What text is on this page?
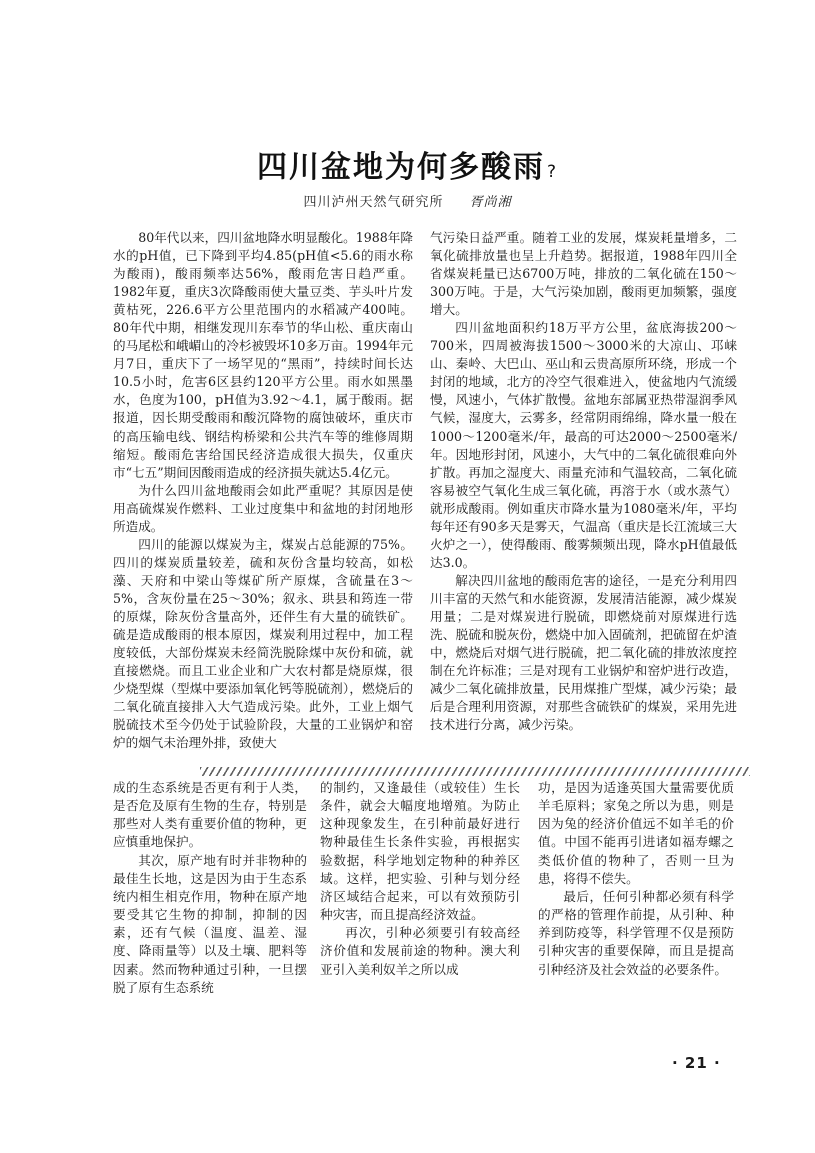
四川盆地为何多酸雨 ?
四川泸州天然气研究所 胥尚湘

80年代以来，四川盆地降水明显酸化。1988年降水的pH值，已下降到平均4.85(pH值<5.6的雨水称为酸雨)，酸雨频率达56%，酸雨危害日趋严重。1982年夏，重庆3次降酸雨使大量豆类、芋头叶片发黄枯死，226.6平方公里范围内的水稻减产400吨。80年代中期，相继发现川东奉节的华山松、重庆南山的马尾松和峨嵋山的冷杉被毁坏10多万亩。1994年元月7日，重庆下了一场罕见的“黑雨”，持续时间长达10.5小时，危害6区县约120平方公里。雨水如黑墨水，色度为100，pH值为3.92～4.1，属于酸雨。据报道，因长期受酸雨和酸沉降物的腐蚀破坏，重庆市的高压输电线、钢结构桥梁和公共汽车等的维修周期缩短。酸雨危害给国民经济造成很大损失，仅重庆市“七五”期间因酸雨造成的经济损失就达5.4亿元。

为什么四川盆地酸雨会如此严重呢？其原因是使用高硫煤炭作燃料、工业过度集中和盆地的封闭地形所造成。

四川的能源以煤炭为主，煤炭占总能源的75%。四川的煤炭质量较差，硫和灰份含量均较高，如松藻、天府和中梁山等煤矿所产原煤，含硫量在3～5%，含灰份量在25～30%；叙永、珙县和筠连一带的原煤，除灰份含量高外，还伴生有大量的硫铁矿。硫是造成酸雨的根本原因，煤炭利用过程中，加工程度较低，大部份煤炭未经简洗脱除煤中灰份和硫，就直接燃烧。而且工业企业和广大农村都是烧原煤，很少烧型煤（型煤中要添加氧化钙等脱硫剂），燃烧后的二氧化硫直接排入大气造成污染。此外，工业上烟气脱硫技术至今仍处于试验阶段，大量的工业锅炉和窑炉的烟气未治理外排，致使大

气污染日益严重。随着工业的发展，煤炭耗量增多，二氧化硫排放量也呈上升趋势。据报道，1988年四川全省煤炭耗量已达6700万吨，排放的二氧化硫在150～300万吨。于是，大气污染加剧，酸雨更加频繁，强度增大。

四川盆地面积约18万平方公里，盆底海拔200～700米，四周被海拔1500～3000米的大凉山、邛崃山、秦岭、大巴山、巫山和云贵高原所环绕，形成一个封闭的地域，北方的冷空气很难进入，使盆地内气流缓慢，风速小，气体扩散慢。盆地东部属亚热带湿润季风气候，湿度大，云雾多，经常阴雨绵绵，降水量一般在1000～1200毫米/年，最高的可达2000～2500毫米/年。因地形封闭，风速小，大气中的二氧化硫很难向外扩散。再加之湿度大、雨量充沛和气温较高，二氧化硫容易被空气氧化生成三氧化硫，再溶于水（或水蒸气）就形成酸雨。例如重庆市降水量为1080毫米/年，平均每年还有90多天是雾天，气温高（重庆是长江流域三大火炉之一），使得酸雨、酸雾频频出现，降水pH值最低达3.0。

解决四川盆地的酸雨危害的途径，一是充分利用四川丰富的天然气和水能资源，发展清洁能源，减少煤炭用量；二是对煤炭进行脱硫，即燃烧前对原煤进行选洗、脱硫和脱灰份，燃烧中加入固硫剂，把硫留在炉渣中，燃烧后对烟气进行脱硫，把二氧化硫的排放浓度控制在允许标准；三是对现有工业锅炉和窑炉进行改造，减少二氧化硫排放量，民用煤推广型煤，减少污染；最后是合理利用资源，对那些含硫铁矿的煤炭，采用先进技术进行分离，减少污染。

成的生态系统是否更有利于人类，是否危及原有生物的生存，特别是那些对人类有重要价值的物种，更应慎重地保护。

其次，原产地有时并非物种的最佳生长地，这是因为由于生态系统内相生相克作用，物种在原产地要受其它生物的抑制，抑制的因素，还有气候（温度、温差、湿度、降雨量等）以及土壤、肥料等因素。然而物种通过引种，一旦摆脱了原有生态系统

的制约，又逢最佳（或较佳）生长条件，就会大幅度地增殖。为防止这种现象发生，在引种前最好进行物种最佳生长条件实验，再根据实验数据，科学地划定物种的种养区域。这样，把实验、引种与划分经济区域结合起来，可以有效预防引种灾害，而且提高经济效益。

再次，引种必须要引有较高经济价值和发展前途的物种。澳大利亚引入美利奴羊之所以成

功，是因为适逢英国大量需要优质羊毛原料；家兔之所以为患，则是因为兔的经济价值远不如羊毛的价值。中国不能再引进诸如福寿螺之类低价值的物种了，否则一旦为患，将得不偿失。

最后，任何引种都必须有科学的严格的管理作前提，从引种、种养到防疫等，科学管理不仅是预防引种灾害的重要保障，而且是提高引种经济及社会效益的必要条件。

· 21 ·
